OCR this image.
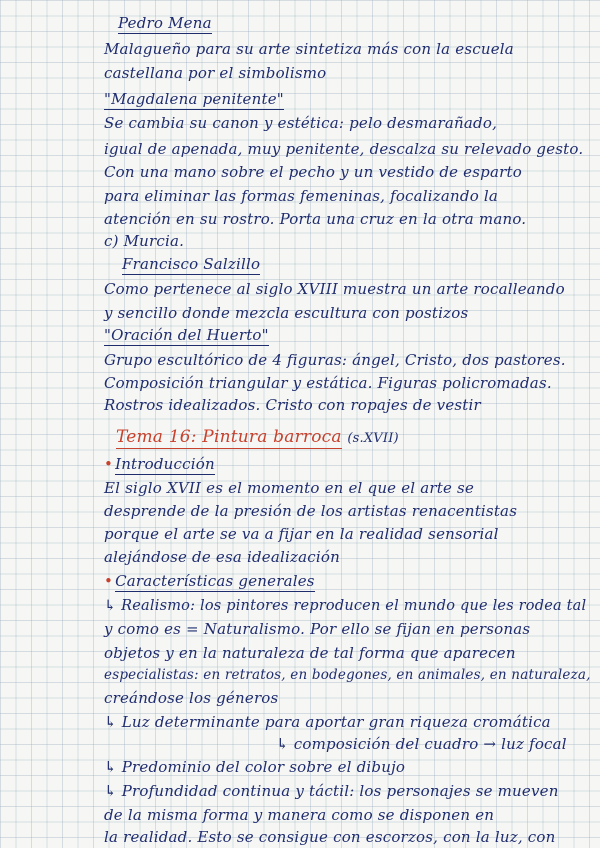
Pedro Mena
Malagueño para su arte sintetiza más con la escuela
castellana por el simbolismo
"Magdalena penitente"
Se cambia su canon y estética: pelo desmarañado,
igual de apenada, muy penitente, descalza su relevado gesto.
Con una mano sobre el pecho y un vestido de esparto
para eliminar las formas femeninas, focalizando la
atención en su rostro. Porta una cruz en la otra mano.
c) Murcia.
Francisco Salzillo
Como pertenece al siglo XVIII muestra un arte rocalleando
y sencillo donde mezcla escultura con postizos
"Oración del Huerto"
Grupo escultórico de 4 figuras: ángel, Cristo, dos pastores.
Composición triangular y estática. Figuras policromadas.
Rostros idealizados. Cristo con ropajes de vestir
Tema 16: Pintura barroca (s.XVII)
• Introducción
El siglo XVII es el momento en el que el arte se
desprende de la presión de los artistas renacentistas
porque el arte se va a fijar en la realidad sensorial
alejándose de esa idealización
• Características generales
↳ Realismo: los pintores reproducen el mundo que les rodea tal
y como es = Naturalismo. Por ello se fijan en personas
objetos y en la naturaleza de tal forma que aparecen
especialistas: en retratos, en bodegones, en animales, en naturaleza,
creándose los géneros
↳ Luz determinante para aportar gran riqueza cromática
↳ composición del cuadro → luz focal
↳ Predominio del color sobre el dibujo
↳ Profundidad continua y táctil: los personajes se mueven
de la misma forma y manera como se disponen en
la realidad. Esto se consigue con escorzos, con la luz, con
